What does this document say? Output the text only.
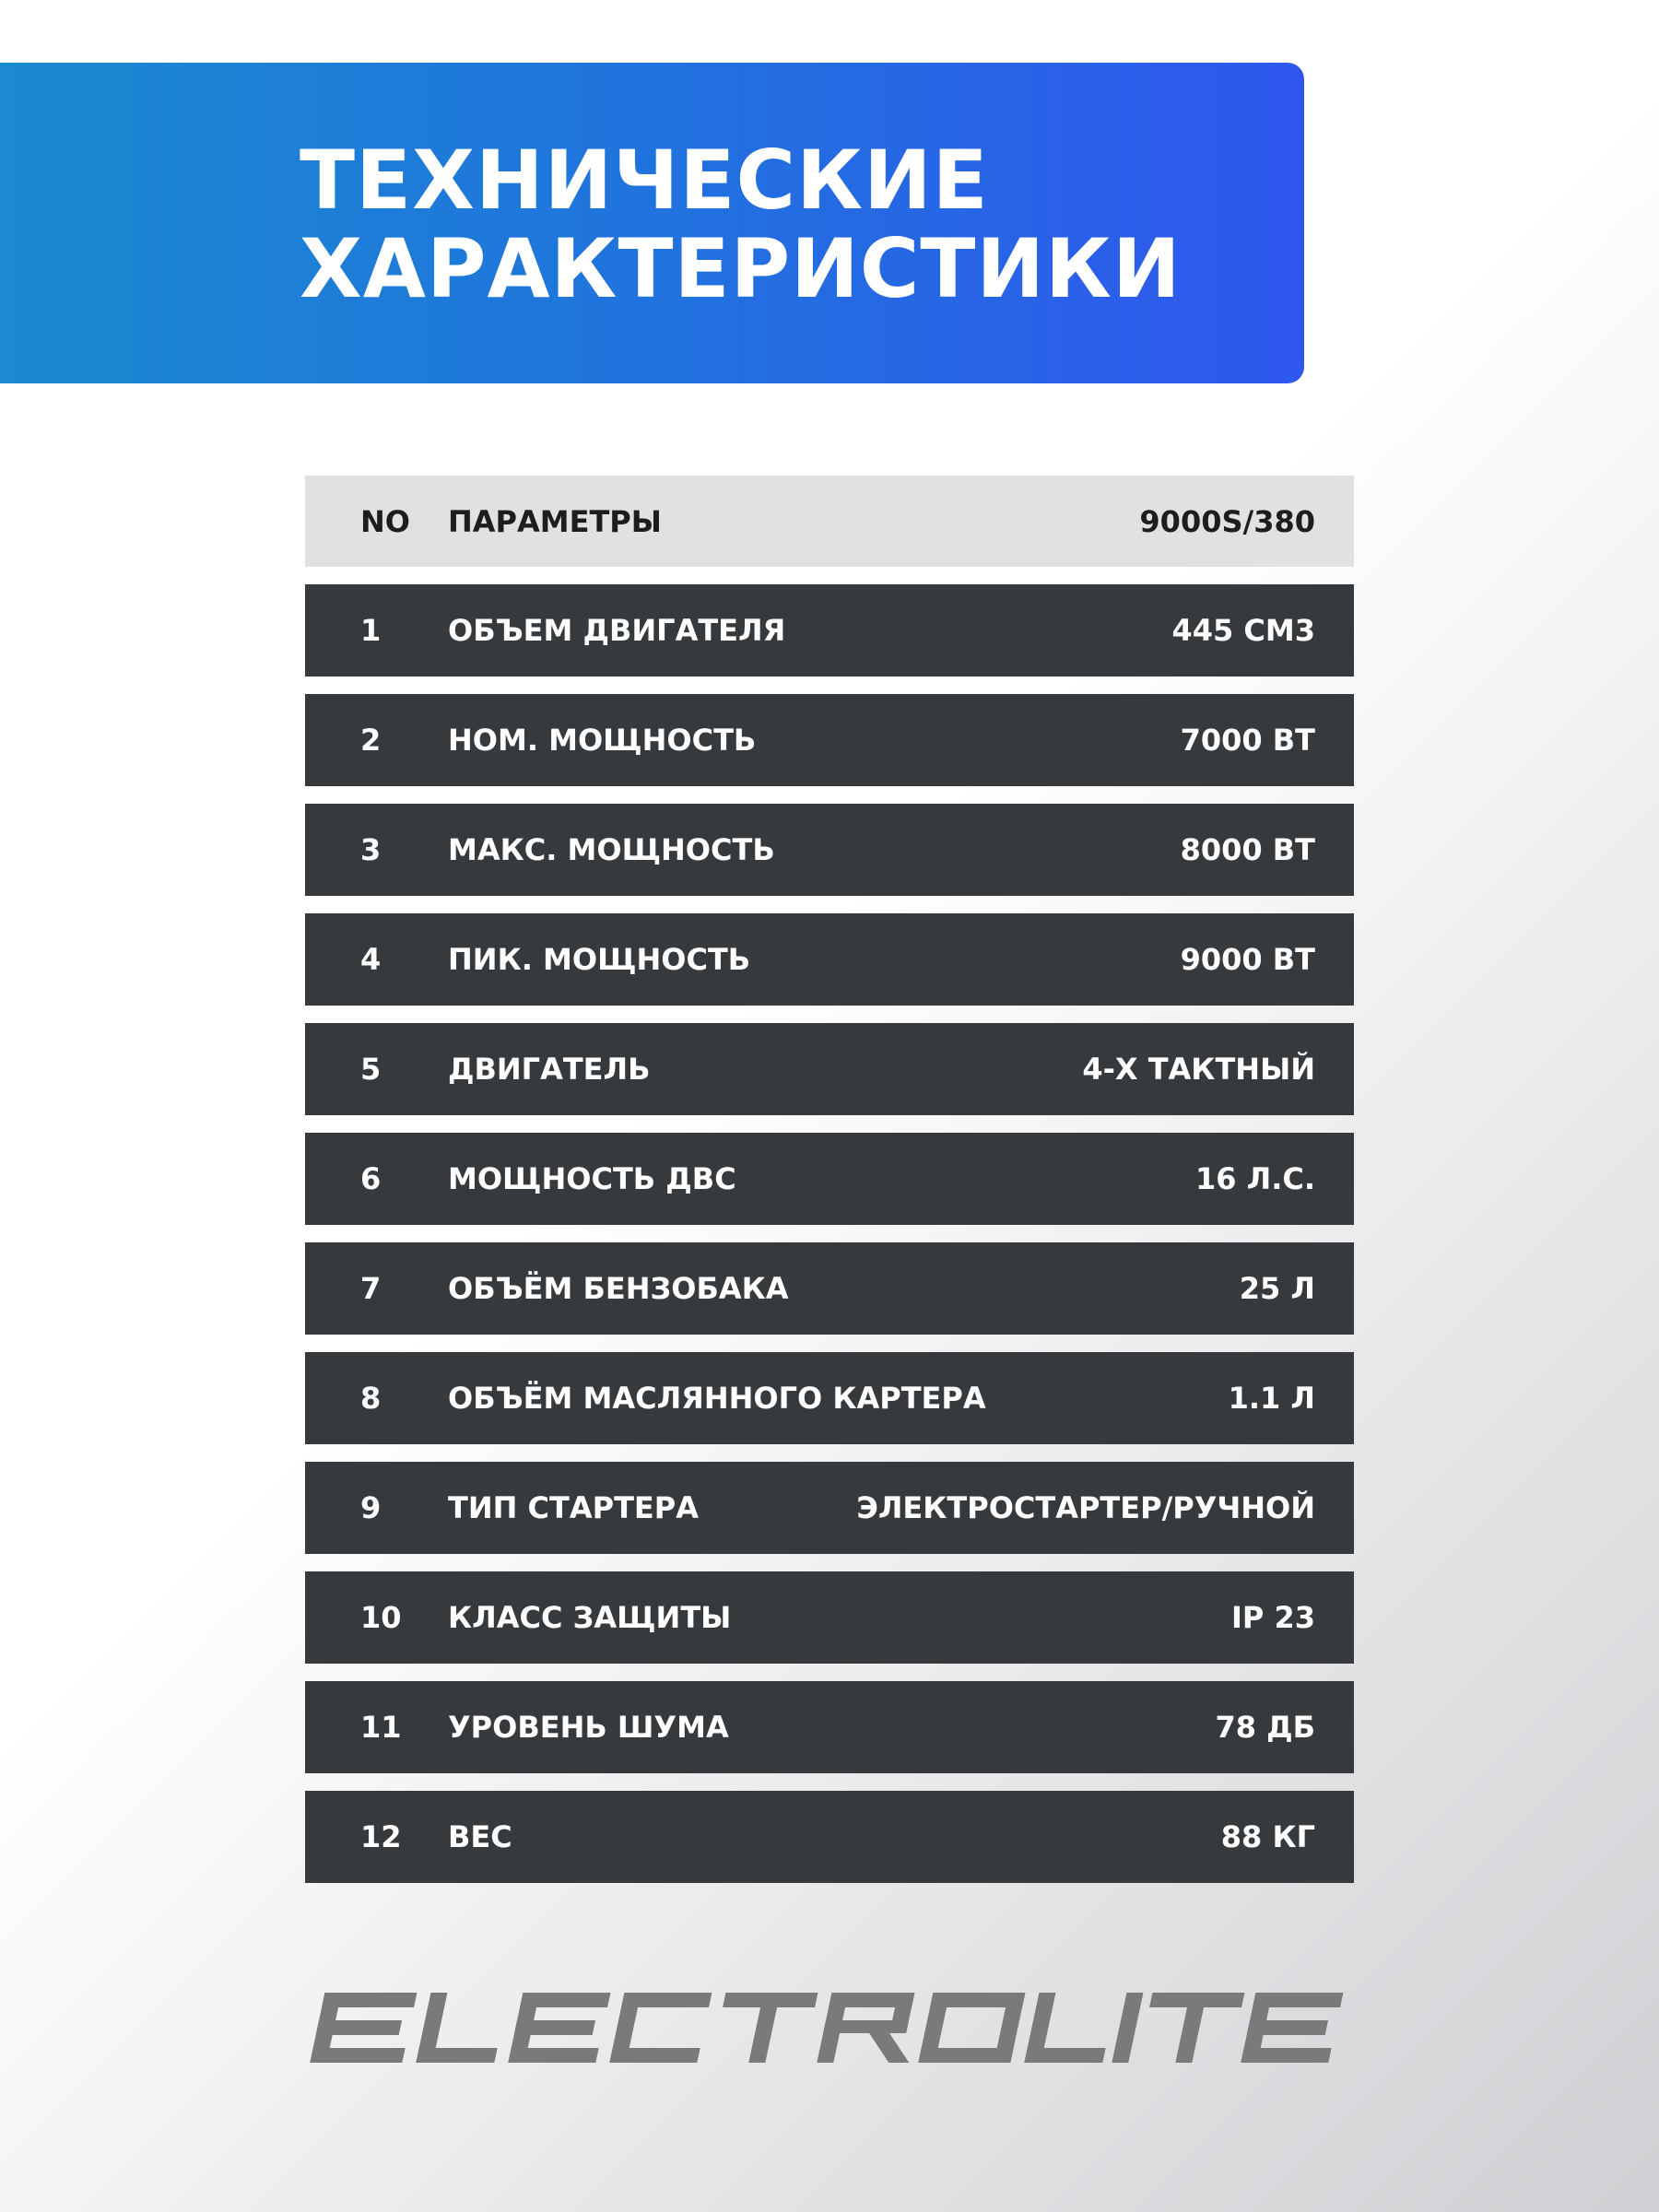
ТЕХНИЧЕСКИЕ
ХАРАКТЕРИСТИКИ
NO ПАРАМЕТРЫ	9000S/380
1 ОБЪЕМ ДВИГАТЕЛЯ	445 СМ3
2 НОМ. МОЩНОСТЬ	7000 ВТ
3 МАКС. МОЩНОСТЬ	8000 ВТ
4 ПИК. МОЩНОСТЬ	9000 ВТ
5 ДВИГАТЕЛЬ	4-Х ТАКТНЫЙ
6 МОЩНОСТЬ ДВС	16 Л.С.
7 ОБЪЁМ БЕНЗОБАКА	25 Л
8 ОБЪЁМ МАСЛЯННОГО КАРТЕРА	1.1 Л
9 ТИП СТАРТЕРА	ЭЛЕКТРОСТАРТЕР/РУЧНОЙ
10 КЛАСС ЗАЩИТЫ	IP 23
11 УРОВЕНЬ ШУМА	78 ДБ
12 ВЕС	88 КГ
